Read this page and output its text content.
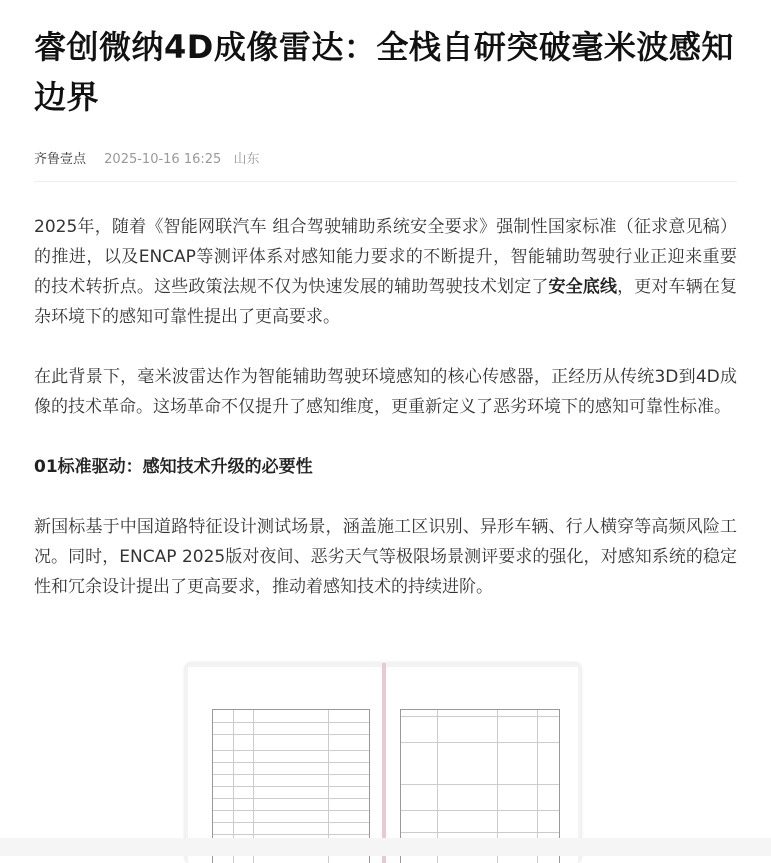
睿创微纳4D成像雷达：全栈自研突破毫米波感知边界
齐鲁壹点 2025-10-16 16:25 山东

2025年，随着《智能网联汽车 组合驾驶辅助系统安全要求》强制性国家标准（征求意见稿）的推进，以及ENCAP等测评体系对感知能力要求的不断提升，智能辅助驾驶行业正迎来重要的技术转折点。这些政策法规不仅为快速发展的辅助驾驶技术划定了安全底线，更对车辆在复杂环境下的感知可靠性提出了更高要求。

在此背景下，毫米波雷达作为智能辅助驾驶环境感知的核心传感器，正经历从传统3D到4D成像的技术革命。这场革命不仅提升了感知维度，更重新定义了恶劣环境下的感知可靠性标准。

01标准驱动：感知技术升级的必要性

新国标基于中国道路特征设计测试场景，涵盖施工区识别、异形车辆、行人横穿等高频风险工况。同时，ENCAP 2025版对夜间、恶劣天气等极限场景测评要求的强化，对感知系统的稳定性和冗余设计提出了更高要求，推动着感知技术的持续进阶。
